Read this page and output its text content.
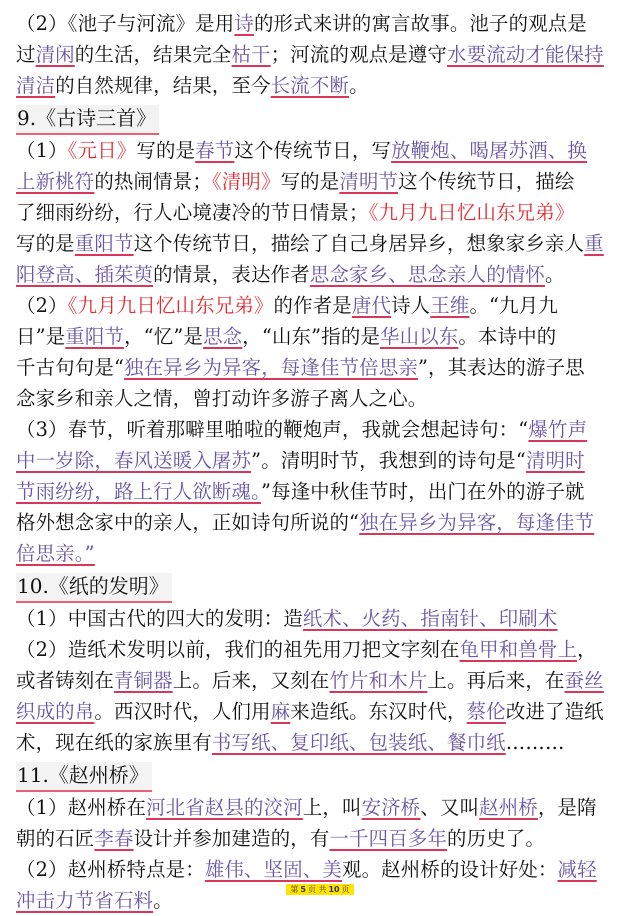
（2）《池子与河流》是用诗的形式来讲的寓言故事。池子的观点是
过清闲的生活，结果完全枯干；河流的观点是遵守水要流动才能保持
清洁的自然规律，结果，至今长流不断。
9.《古诗三首》
（1）《元日》写的是春节这个传统节日，写放鞭炮、喝屠苏酒、换
上新桃符的热闹情景；《清明》写的是清明节这个传统节日，描绘
了细雨纷纷，行人心境凄冷的节日情景；《九月九日忆山东兄弟》
写的是重阳节这个传统节日，描绘了自己身居异乡，想象家乡亲人重
阳登高、插茱萸的情景，表达作者思念家乡、思念亲人的情怀。
（2）《九月九日忆山东兄弟》的作者是唐代诗人王维。“九月九
日”是重阳节，“忆”是思念，“山东”指的是华山以东。本诗中的
千古句句是“独在异乡为异客，每逢佳节倍思亲”，其表达的游子思
念家乡和亲人之情，曾打动许多游子离人之心。
（3）春节，听着那噼里啪啦的鞭炮声，我就会想起诗句：“爆竹声
中一岁除，春风送暖入屠苏”。清明时节，我想到的诗句是“清明时
节雨纷纷，路上行人欲断魂。”每逢中秋佳节时，出门在外的游子就
格外想念家中的亲人，正如诗句所说的“独在异乡为异客，每逢佳节
倍思亲。”
10.《纸的发明》
（1）中国古代的四大的发明：造纸术、火药、指南针、印刷术
（2）造纸术发明以前，我们的祖先用刀把文字刻在龟甲和兽骨上，
或者铸刻在青铜器上。后来，又刻在竹片和木片上。再后来，在蚕丝
织成的帛。西汉时代，人们用麻来造纸。东汉时代，蔡伦改进了造纸
术，现在纸的家族里有书写纸、复印纸、包装纸、餐巾纸………
11.《赵州桥》
（1）赵州桥在河北省赵县的洨河上，叫安济桥、又叫赵州桥，是隋
朝的石匠李春设计并参加建造的，有一千四百多年的历史了。
（2）赵州桥特点是：雄伟、坚固、美观。赵州桥的设计好处：减轻
冲击力节省石料。	第 5 页 共 10 页
